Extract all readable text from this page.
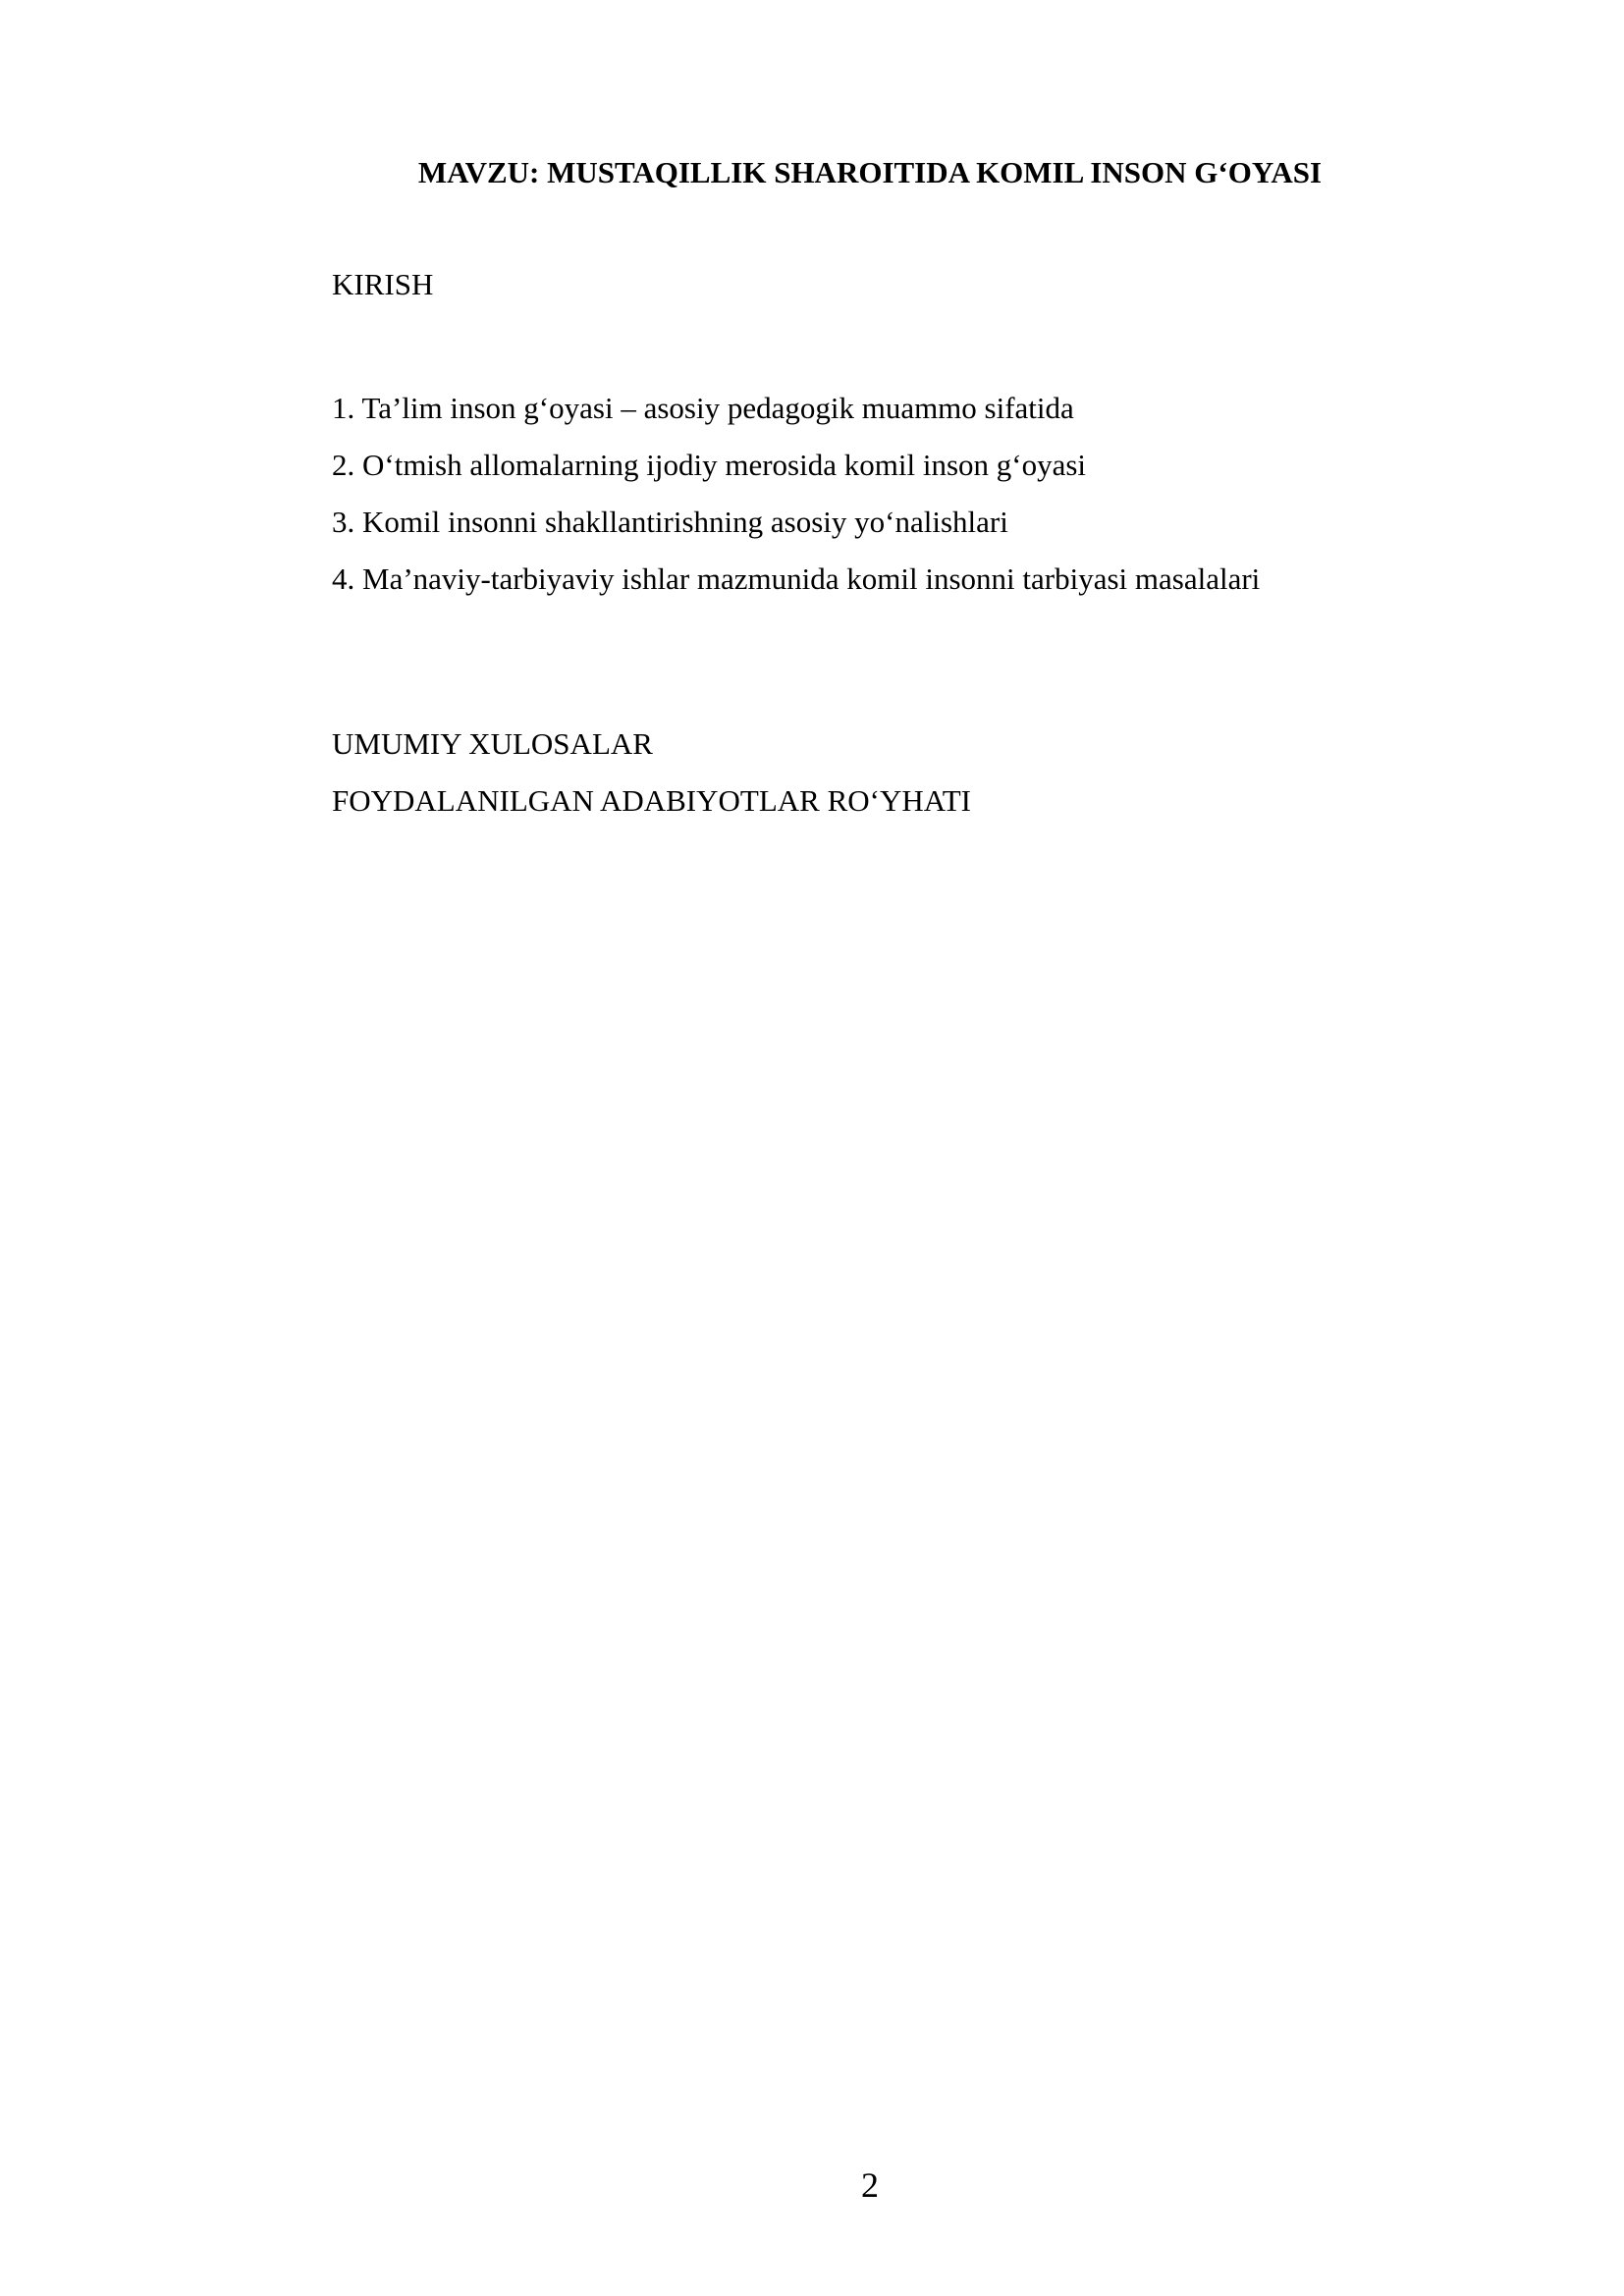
MAVZU: MUSTAQILLIK SHAROITIDA KOMIL INSON G‘OYASI
KIRISH
1. Ta’lim inson g‘oyasi – asosiy pedagogik muammo sifatida
2. O‘tmish allomalarning ijodiy merosida komil inson g‘oyasi
3. Komil insonni shakllantirishning asosiy yo‘nalishlari
4. Ma’naviy-tarbiyaviy ishlar mazmunida komil insonni tarbiyasi masalalari
UMUMIY XULOSALAR
FOYDALANILGAN ADABIYOTLAR RO‘YHATI
2
